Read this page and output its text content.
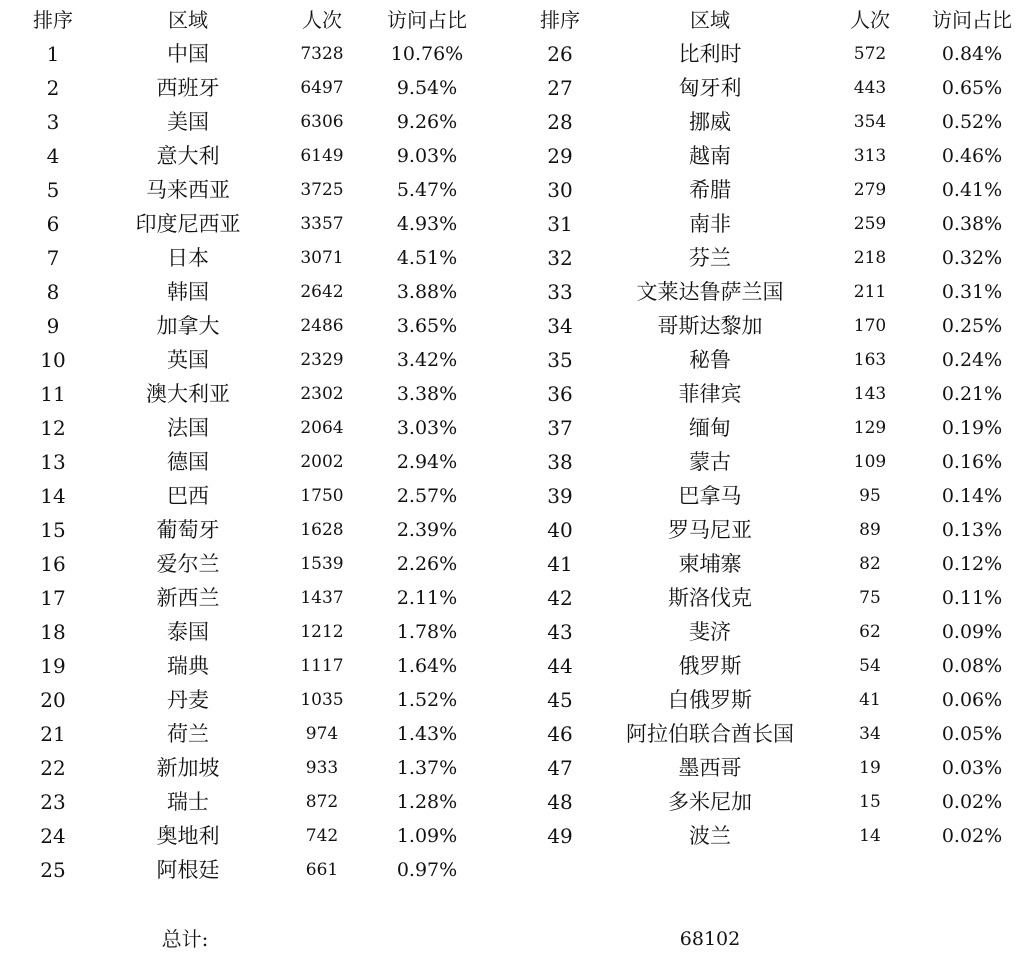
排序	区域	人次	访问占比
1	中国	7328	10.76%
2	西班牙	6497	9.54%
3	美国	6306	9.26%
4	意大利	6149	9.03%
5	马来西亚	3725	5.47%
6	印度尼西亚	3357	4.93%
7	日本	3071	4.51%
8	韩国	2642	3.88%
9	加拿大	2486	3.65%
10	英国	2329	3.42%
11	澳大利亚	2302	3.38%
12	法国	2064	3.03%
13	德国	2002	2.94%
14	巴西	1750	2.57%
15	葡萄牙	1628	2.39%
16	爱尔兰	1539	2.26%
17	新西兰	1437	2.11%
18	泰国	1212	1.78%
19	瑞典	1117	1.64%
20	丹麦	1035	1.52%
21	荷兰	974	1.43%
22	新加坡	933	1.37%
23	瑞士	872	1.28%
24	奥地利	742	1.09%
25	阿根廷	661	0.97%
排序	区域	人次	访问占比
26	比利时	572	0.84%
27	匈牙利	443	0.65%
28	挪威	354	0.52%
29	越南	313	0.46%
30	希腊	279	0.41%
31	南非	259	0.38%
32	芬兰	218	0.32%
33	文莱达鲁萨兰国	211	0.31%
34	哥斯达黎加	170	0.25%
35	秘鲁	163	0.24%
36	菲律宾	143	0.21%
37	缅甸	129	0.19%
38	蒙古	109	0.16%
39	巴拿马	95	0.14%
40	罗马尼亚	89	0.13%
41	柬埔寨	82	0.12%
42	斯洛伐克	75	0.11%
43	斐济	62	0.09%
44	俄罗斯	54	0.08%
45	白俄罗斯	41	0.06%
46	阿拉伯联合酋长国	34	0.05%
47	墨西哥	19	0.03%
48	多米尼加	15	0.02%
49	波兰	14	0.02%
总计:	68102
